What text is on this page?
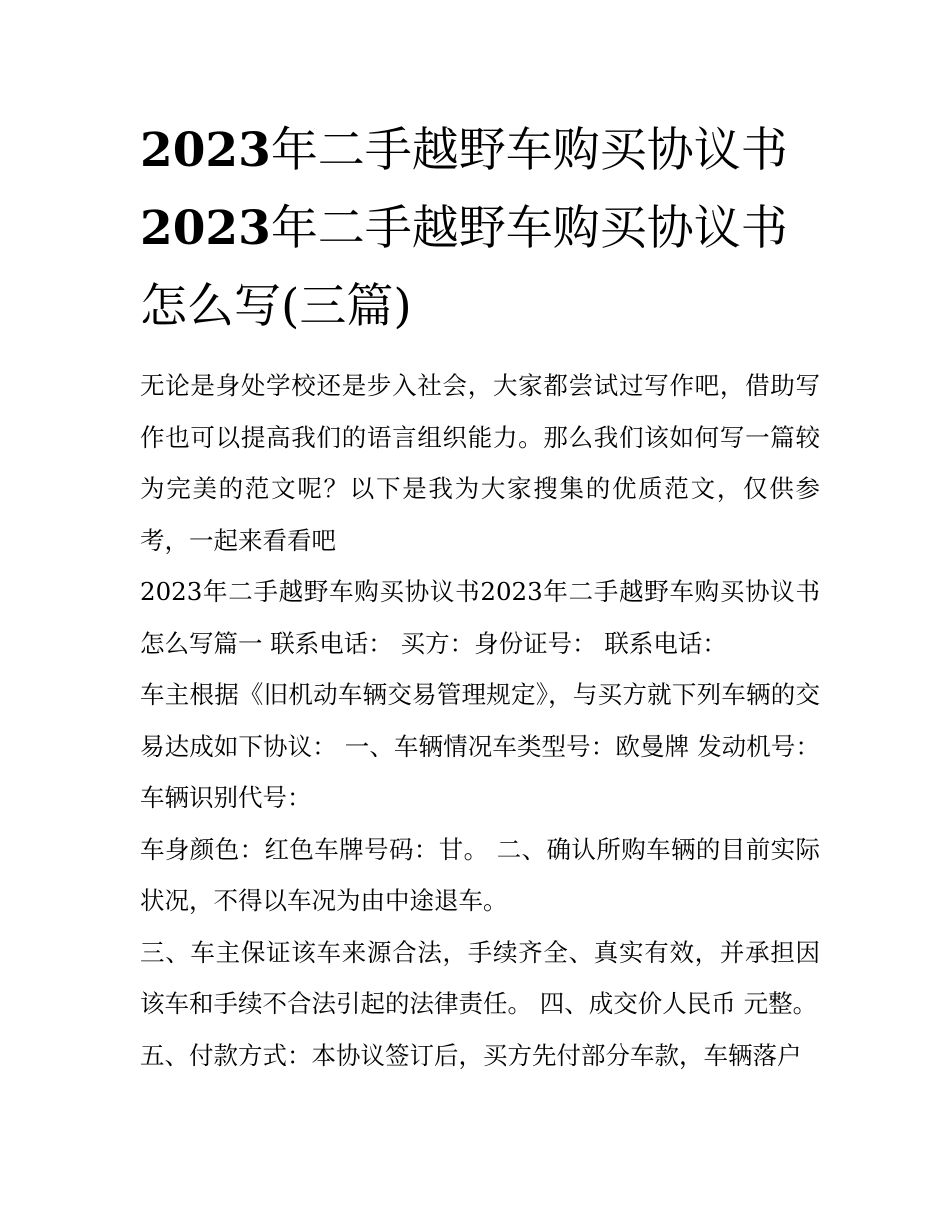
2023年二手越野车购买协议书
2023年二手越野车购买协议书
怎么写(三篇)

无论是身处学校还是步入社会，大家都尝试过写作吧，借助写作也可以提高我们的语言组织能力。那么我们该如何写一篇较为完美的范文呢？以下是我为大家搜集的优质范文，仅供参考，一起来看看吧

2023年二手越野车购买协议书2023年二手越野车购买协议书怎么写篇一 联系电话： 买方：身份证号： 联系电话：

车主根据《旧机动车辆交易管理规定》，与买方就下列车辆的交易达成如下协议： 一、车辆情况车类型号：欧曼牌 发动机号： 车辆识别代号：

车身颜色：红色车牌号码：甘。 二、确认所购车辆的目前实际状况，不得以车况为由中途退车。

三、车主保证该车来源合法，手续齐全、真实有效，并承担因该车和手续不合法引起的法律责任。 四、成交价人民币 元整。

五、付款方式：本协议签订后，买方先付部分车款，车辆落户
